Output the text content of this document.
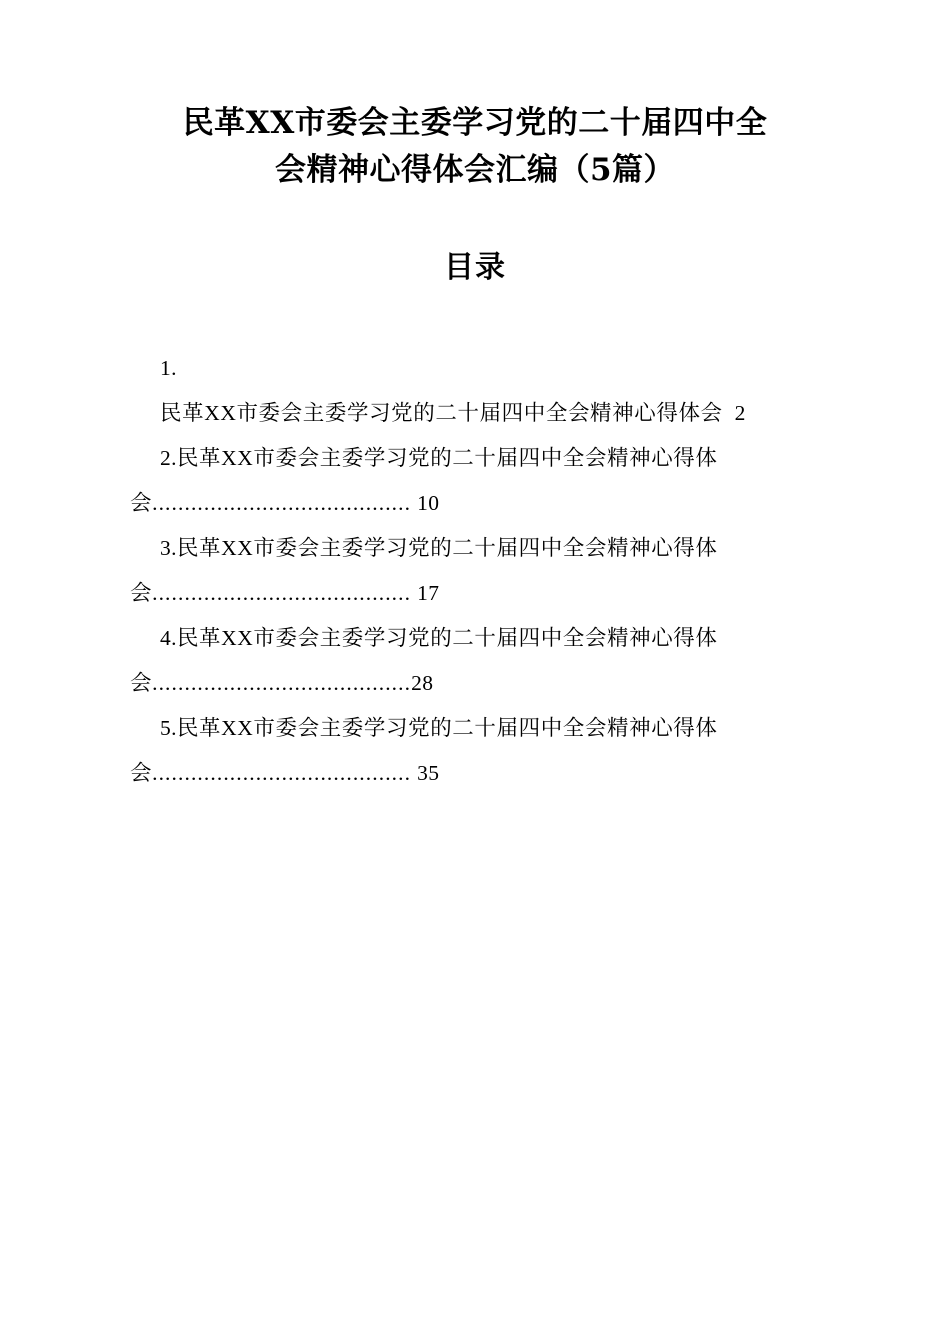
民革XX市委会主委学习党的二十届四中全
会精神心得体会汇编（5篇）
目录
1.
民革XX市委会主委学习党的二十届四中全会精神心得体会 2
2.民革XX市委会主委学习党的二十届四中全会精神心得体会........................................ 10
3.民革XX市委会主委学习党的二十届四中全会精神心得体会........................................ 17
4.民革XX市委会主委学习党的二十届四中全会精神心得体会........................................28
5.民革XX市委会主委学习党的二十届四中全会精神心得体会........................................ 35
